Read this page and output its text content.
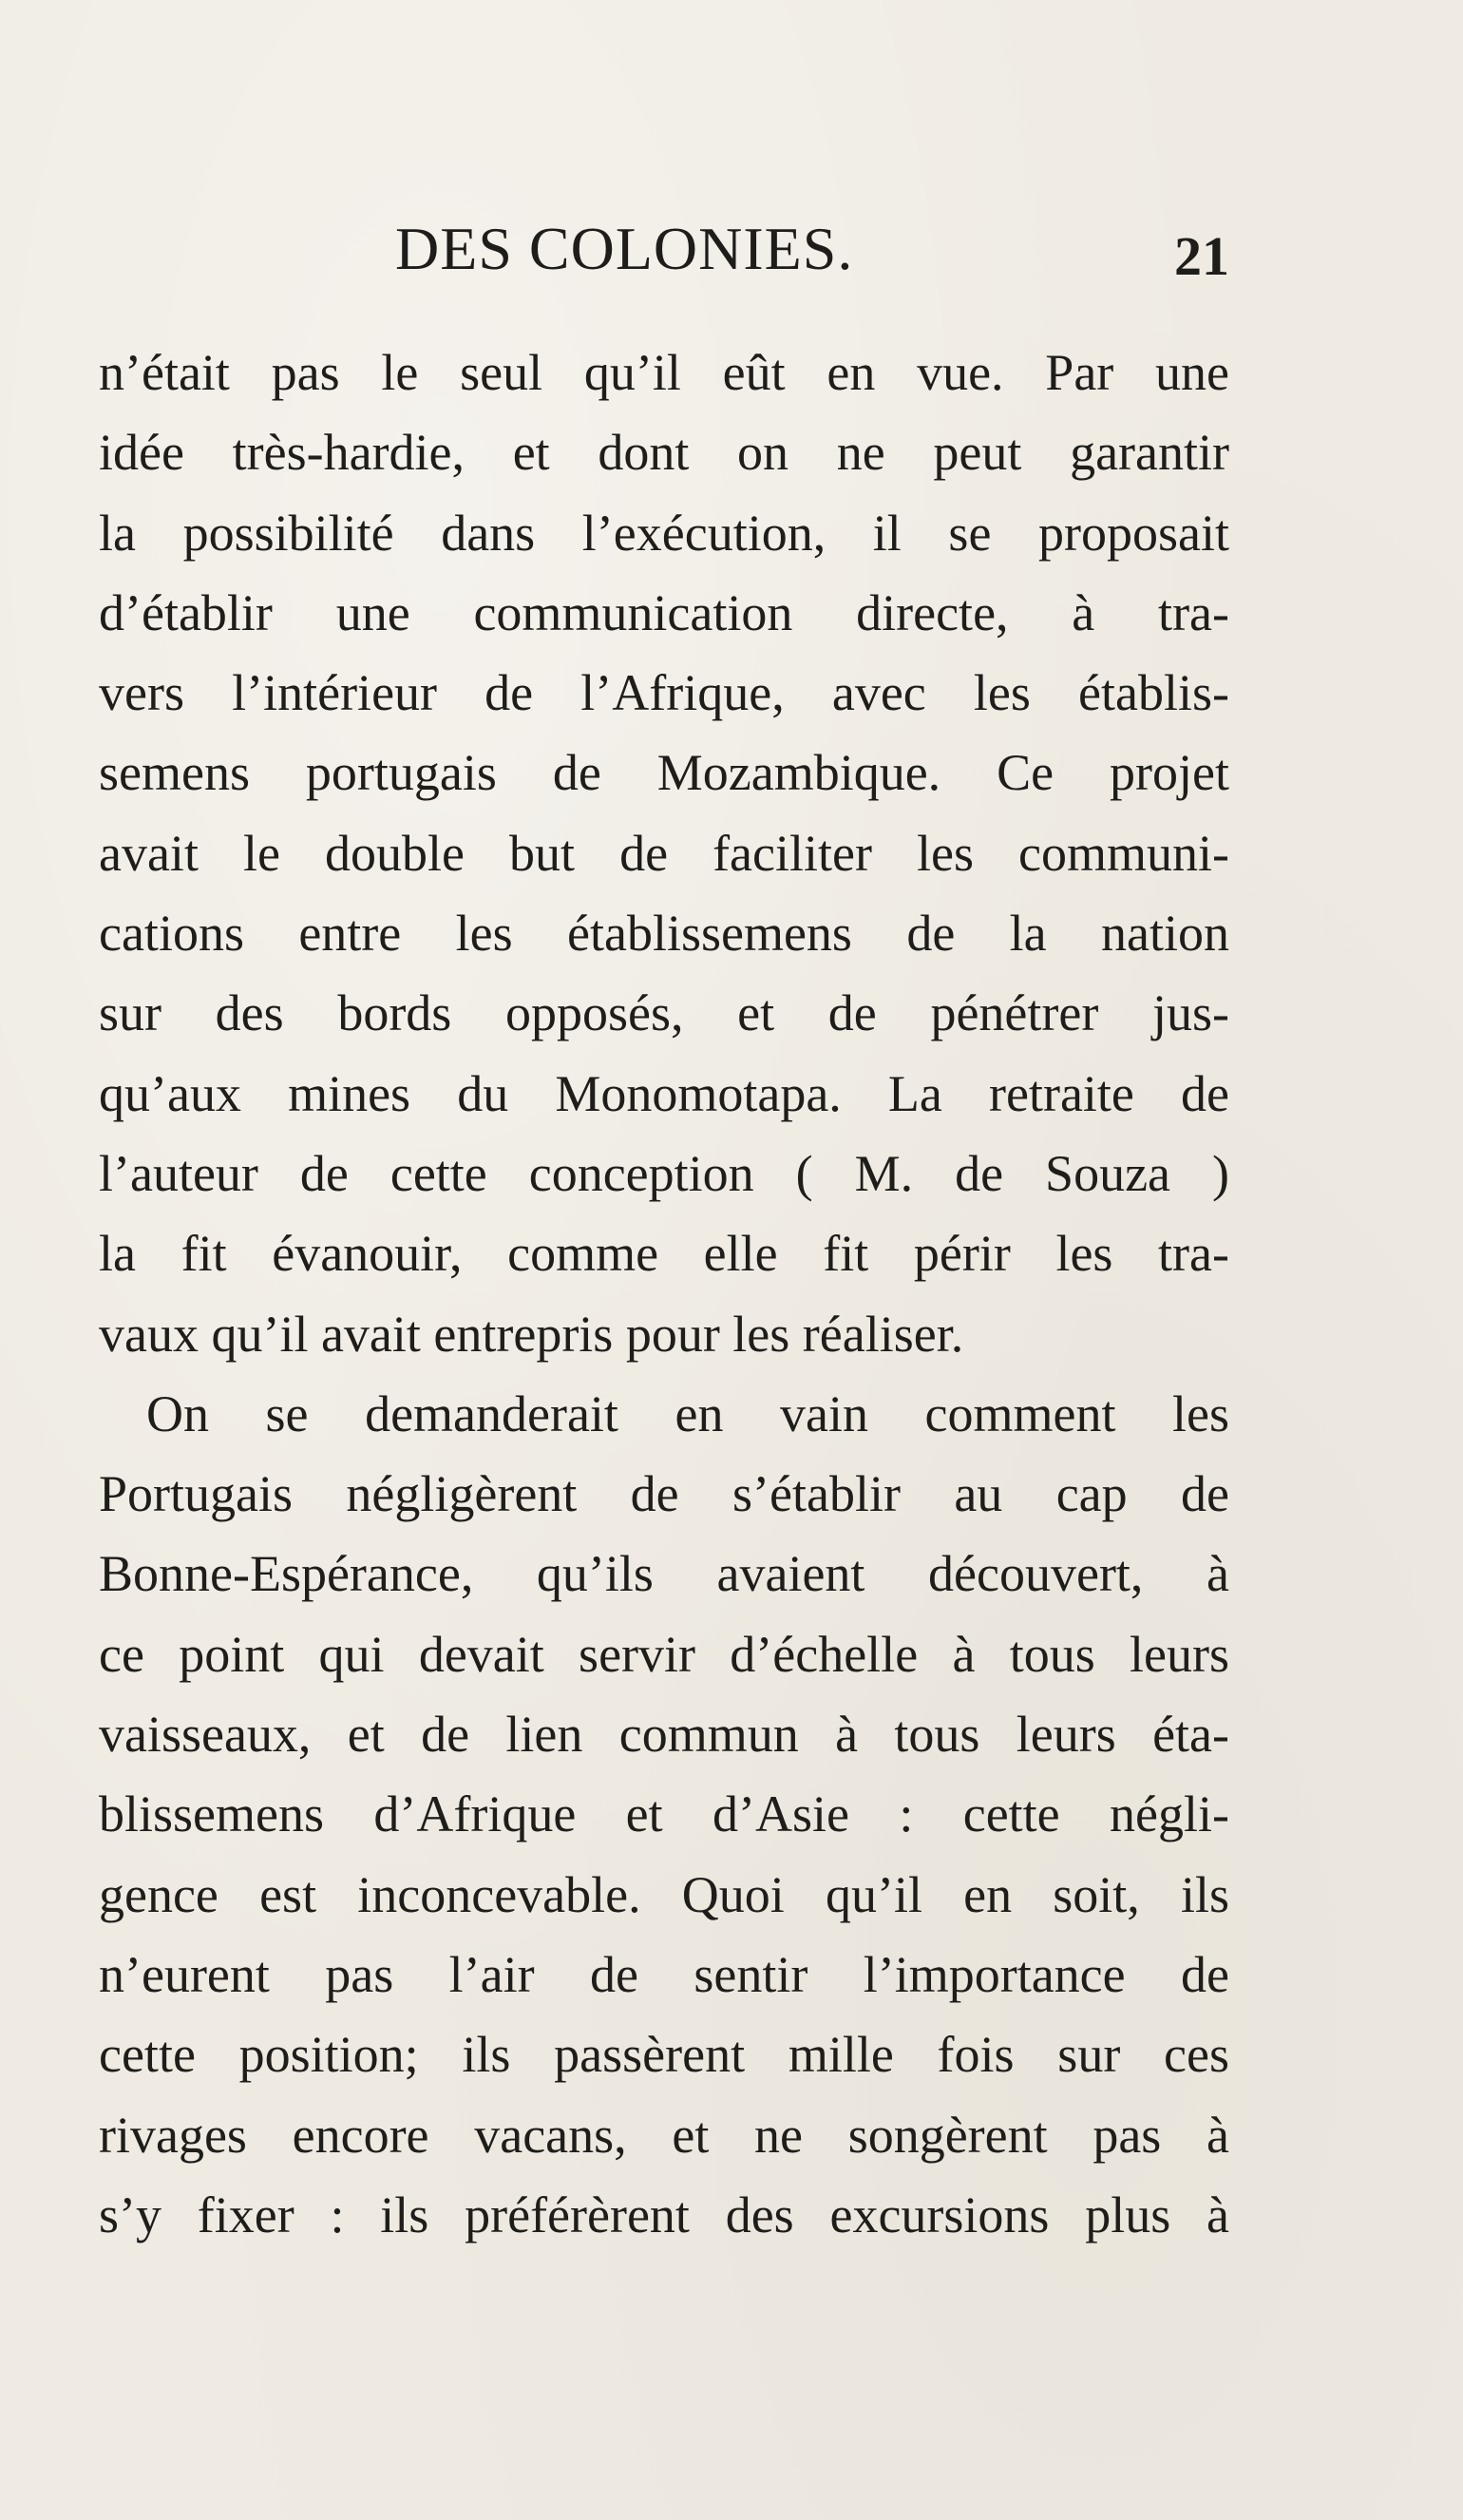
DES COLONIES.	21
n’était pas le seul qu’il eût en vue. Par une
idée très-hardie, et dont on ne peut garantir
la possibilité dans l’exécution, il se proposait
d’établir une communication directe, à tra-
vers l’intérieur de l’Afrique, avec les établis-
semens portugais de Mozambique. Ce projet
avait le double but de faciliter les communi-
cations entre les établissemens de la nation
sur des bords opposés, et de pénétrer jus-
qu’aux mines du Monomotapa. La retraite de
l’auteur de cette conception ( M. de Souza )
la fit évanouir, comme elle fit périr les tra-
vaux qu’il avait entrepris pour les réaliser.
On se demanderait en vain comment les
Portugais négligèrent de s’établir au cap de
Bonne-Espérance, qu’ils avaient découvert, à
ce point qui devait servir d’échelle à tous leurs
vaisseaux, et de lien commun à tous leurs éta-
blissemens d’Afrique et d’Asie : cette négli-
gence est inconcevable. Quoi qu’il en soit, ils
n’eurent pas l’air de sentir l’importance de
cette position; ils passèrent mille fois sur ces
rivages encore vacans, et ne songèrent pas à
s’y fixer : ils préférèrent des excursions plus à
